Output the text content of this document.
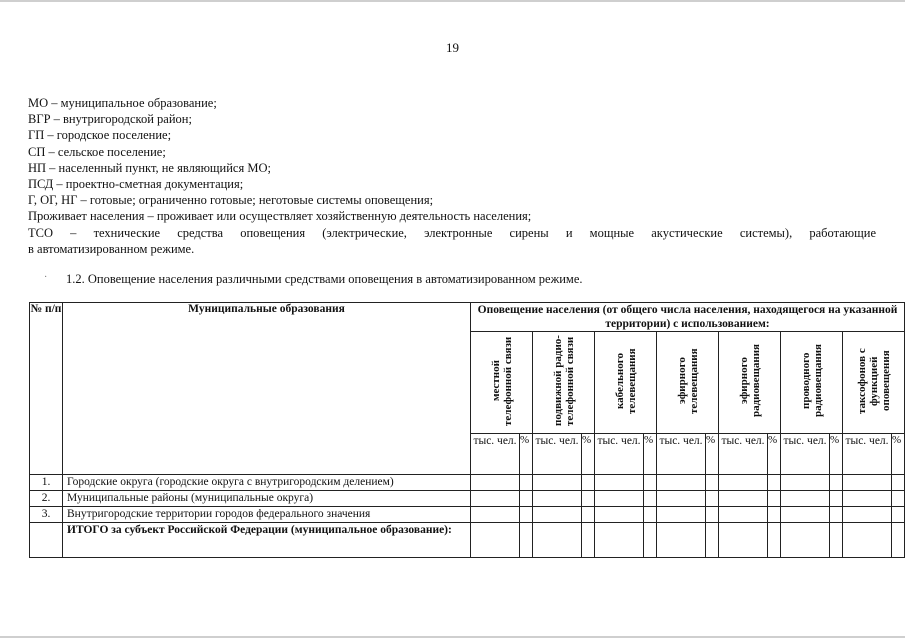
19
МО – муниципальное образование;
ВГР – внутригородской район;
ГП – городское поселение;
СП – сельское поселение;
НП – населенный пункт, не являющийся МО;
ПСД – проектно-сметная документация;
Г, ОГ, НГ – готовые; ограниченно готовые; неготовые системы оповещения;
Проживает населения – проживает или осуществляет хозяйственную деятельность населения;
ТСО – технические средства оповещения (электрические, электронные сирены и мощные акустические системы), работающие
в автоматизированном режиме.
· 1.2. Оповещение населения различными средствами оповещения в автоматизированном режиме.
№ п/п	Муниципальные образования	Оповещение населения (от общего числа населения, находящегося на указанной территории) с использованием:													
		местной телефонной связи		подвижной радио-телефонной связи		кабельного телевещания		эфирного телевещания		эфирного радиовещания		проводного радиовещания		таксофонов с функцией оповещения	
		тыс. чел.	%	тыс. чел.	%	тыс. чел.	%	тыс. чел.	%	тыс. чел.	%	тыс. чел.	%	тыс. чел.	%
1.	Городские округа (городские округа с внутригородским делением)														
2.	Муниципальные районы (муниципальные округа)														
3.	Внутригородские территории городов федерального значения														
	ИТОГО за субъект Российской Федерации (муниципальное образование):														
